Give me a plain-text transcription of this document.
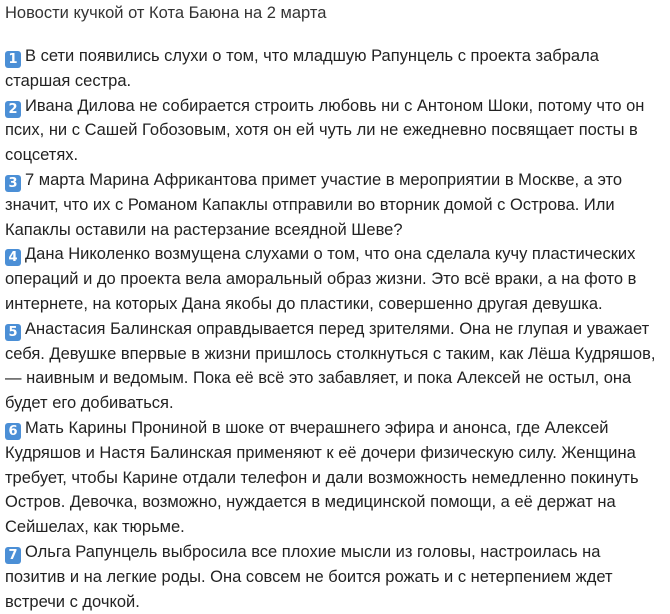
Новости кучкой от Кота Баюна на 2 марта
1 В сети появились слухи о том, что младшую Рапунцель с проекта забрала старшая сестра.
2 Ивана Дилова не собирается строить любовь ни с Антоном Шоки, потому что он псих, ни с Сашей Гобозовым, хотя он ей чуть ли не ежедневно посвящает посты в соцсетях.
3 7 марта Марина Африкантова примет участие в мероприятии в Москве, а это значит, что их с Романом Капаклы отправили во вторник домой с Острова. Или Капаклы оставили на растерзание всеядной Шеве?
4 Дана Николенко возмущена слухами о том, что она сделала кучу пластических операций и до проекта вела аморальный образ жизни. Это всё враки, а на фото в интернете, на которых Дана якобы до пластики, совершенно другая девушка.
5 Анастасия Балинская оправдывается перед зрителями. Она не глупая и уважает себя. Девушке впервые в жизни пришлось столкнуться с таким, как Лёша Кудряшов, — наивным и ведомым. Пока её всё это забавляет, и пока Алексей не остыл, она будет его добиваться.
6 Мать Карины Прониной в шоке от вчерашнего эфира и анонса, где Алексей Кудряшов и Настя Балинская применяют к её дочери физическую силу. Женщина требует, чтобы Карине отдали телефон и дали возможность немедленно покинуть Остров. Девочка, возможно, нуждается в медицинской помощи, а её держат на Сейшелах, как тюрьме.
7 Ольга Рапунцель выбросила все плохие мысли из головы, настроилась на позитив и на легкие роды. Она совсем не боится рожать и с нетерпением ждет встречи с дочкой.
